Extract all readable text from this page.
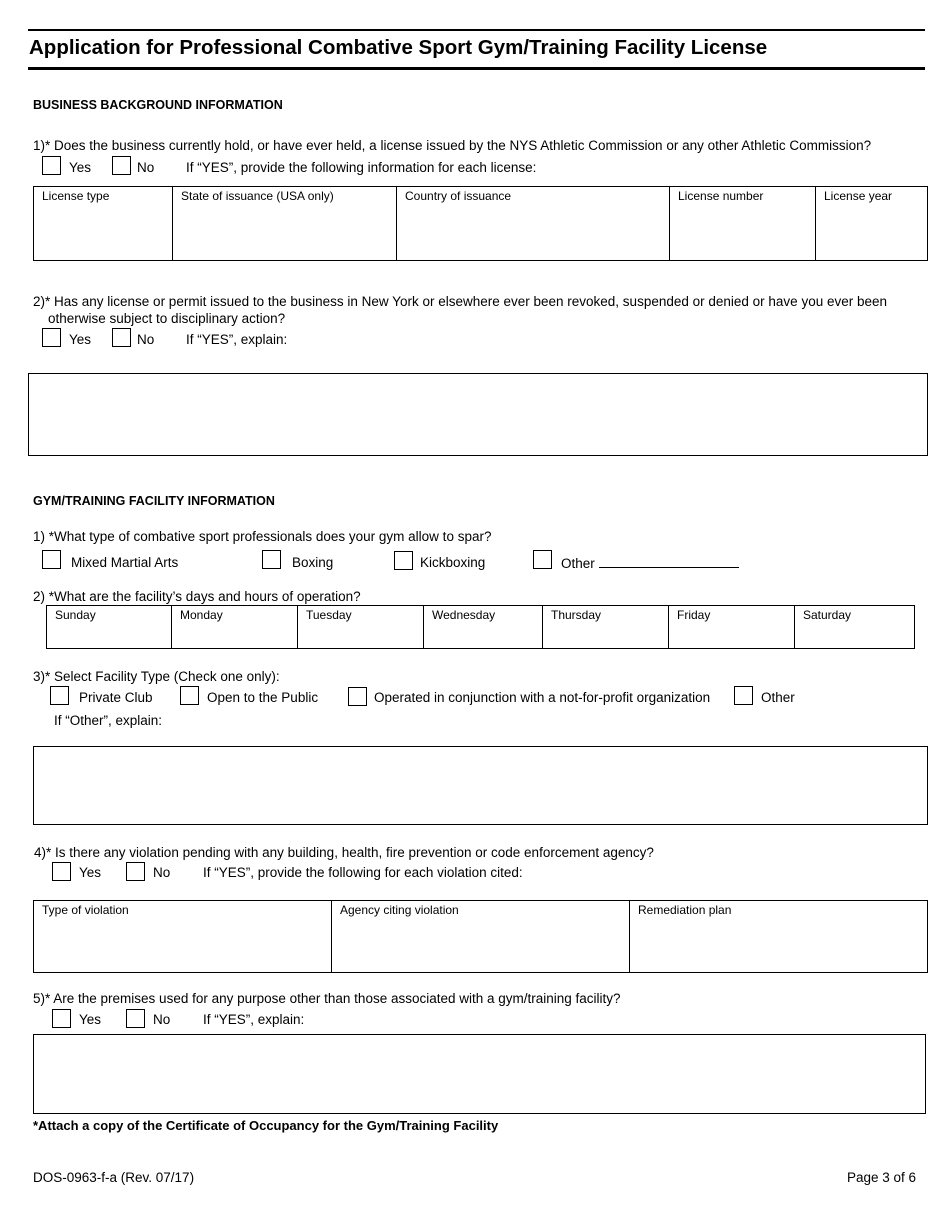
Application for Professional Combative Sport Gym/Training Facility License
BUSINESS BACKGROUND INFORMATION
1)* Does the business currently hold, or have ever held, a license issued by the NYS Athletic Commission or any other Athletic Commission?
Yes	No If “YES”, provide the following information for each license:
License type	State of issuance (USA only)	Country of issuance	License number	License year
2)* Has any license or permit issued to the business in New York or elsewhere ever been revoked, suspended or denied or have you ever been
otherwise subject to disciplinary action?
Yes	No If “YES”, explain:
GYM/TRAINING FACILITY INFORMATION
1) *What type of combative sport professionals does your gym allow to spar?
Mixed Martial Arts	Boxing	Kickboxing	Other
2) *What are the facility’s days and hours of operation?
Sunday	Monday	Tuesday	Wednesday	Thursday	Friday	Saturday
3)* Select Facility Type (Check one only):
Private Club	Open to the Public	Operated in conjunction with a not-for-profit organization	Other
If “Other”, explain:
4)* Is there any violation pending with any building, health, fire prevention or code enforcement agency?
Yes	No If “YES”, provide the following for each violation cited:
Type of violation	Agency citing violation	Remediation plan
5)* Are the premises used for any purpose other than those associated with a gym/training facility?
Yes	No If “YES”, explain:
*Attach a copy of the Certificate of Occupancy for the Gym/Training Facility
DOS-0963-f-a (Rev. 07/17)	Page 3 of 6
